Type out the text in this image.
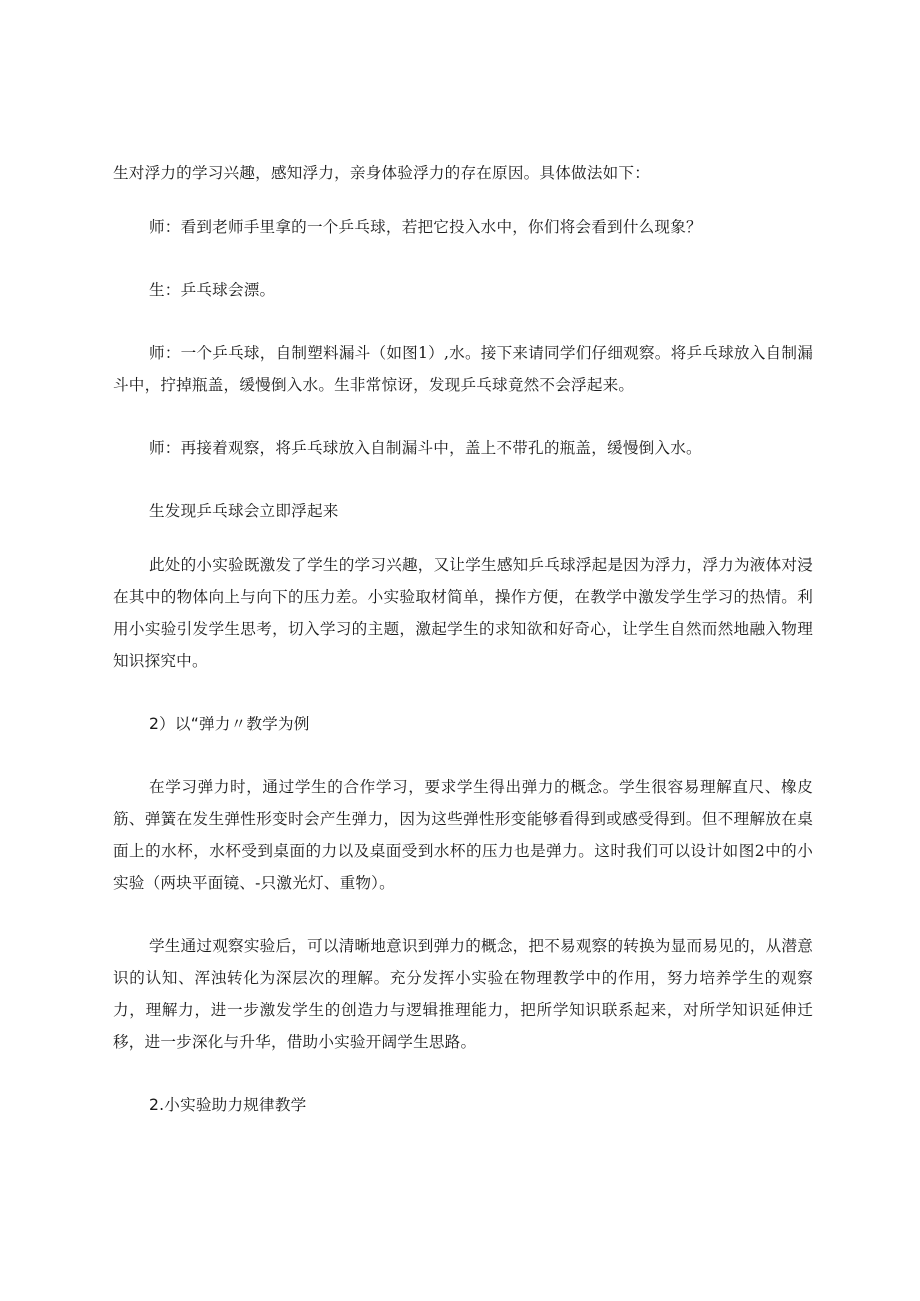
生对浮力的学习兴趣，感知浮力，亲身体验浮力的存在原因。具体做法如下：

师：看到老师手里拿的一个乒乓球，若把它投入水中，你们将会看到什么现象？

生：乒乓球会漂。

师：一个乒乓球，自制塑料漏斗（如图1）,水。接下来请同学们仔细观察。将乒乓球放入自制漏斗中，拧掉瓶盖，缓慢倒入水。生非常惊讶，发现乒乓球竟然不会浮起来。

师：再接着观察，将乒乓球放入自制漏斗中，盖上不带孔的瓶盖，缓慢倒入水。

生发现乒乓球会立即浮起来

此处的小实验既激发了学生的学习兴趣，又让学生感知乒乓球浮起是因为浮力，浮力为液体对浸在其中的物体向上与向下的压力差。小实验取材简单，操作方便，在教学中激发学生学习的热情。利用小实验引发学生思考，切入学习的主题，激起学生的求知欲和好奇心，让学生自然而然地融入物理知识探究中。

2）以“弹力〃教学为例

在学习弹力时，通过学生的合作学习，要求学生得出弹力的概念。学生很容易理解直尺、橡皮筋、弹簧在发生弹性形变时会产生弹力，因为这些弹性形变能够看得到或感受得到。但不理解放在桌面上的水杯，水杯受到桌面的力以及桌面受到水杯的压力也是弹力。这时我们可以设计如图2中的小实验（两块平面镜、-只激光灯、重物）。

学生通过观察实验后，可以清晰地意识到弹力的概念，把不易观察的转换为显而易见的，从潜意识的认知、浑浊转化为深层次的理解。充分发挥小实验在物理教学中的作用，努力培养学生的观察力，理解力，进一步激发学生的创造力与逻辑推理能力，把所学知识联系起来，对所学知识延伸迁移，进一步深化与升华，借助小实验开阔学生思路。

2.小实验助力规律教学
